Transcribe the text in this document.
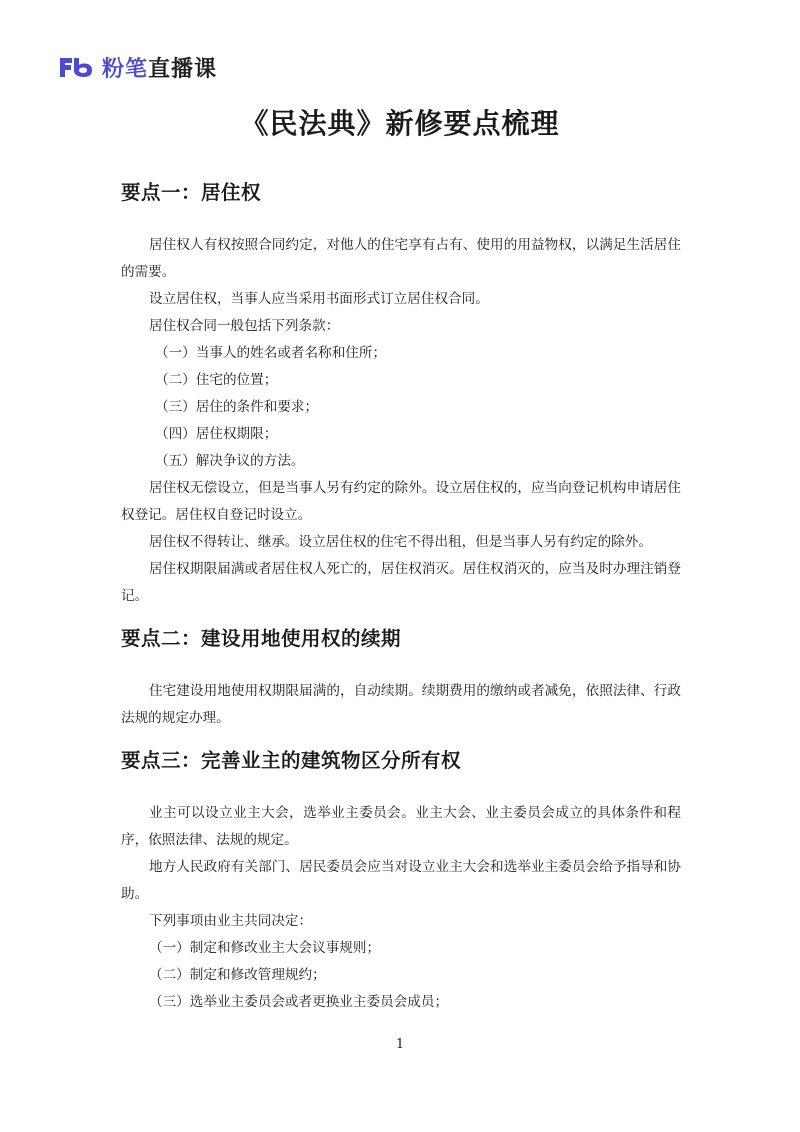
粉笔直播课
《民法典》新修要点梳理
要点一：居住权

居住权人有权按照合同约定，对他人的住宅享有占有、使用的用益物权，以满足生活居住的需要。

设立居住权，当事人应当采用书面形式订立居住权合同。

居住权合同一般包括下列条款：

（一）当事人的姓名或者名称和住所；

（二）住宅的位置；

（三）居住的条件和要求；

（四）居住权期限；

（五）解决争议的方法。

居住权无偿设立，但是当事人另有约定的除外。设立居住权的，应当向登记机构申请居住权登记。居住权自登记时设立。

居住权不得转让、继承。设立居住权的住宅不得出租，但是当事人另有约定的除外。

居住权期限届满或者居住权人死亡的，居住权消灭。居住权消灭的，应当及时办理注销登记。

要点二：建设用地使用权的续期

住宅建设用地使用权期限届满的，自动续期。续期费用的缴纳或者减免，依照法律、行政法规的规定办理。

要点三：完善业主的建筑物区分所有权

业主可以设立业主大会，选举业主委员会。业主大会、业主委员会成立的具体条件和程序，依照法律、法规的规定。

地方人民政府有关部门、居民委员会应当对设立业主大会和选举业主委员会给予指导和协助。

下列事项由业主共同决定：

（一）制定和修改业主大会议事规则；

（二）制定和修改管理规约；

（三）选举业主委员会或者更换业主委员会成员；

1
